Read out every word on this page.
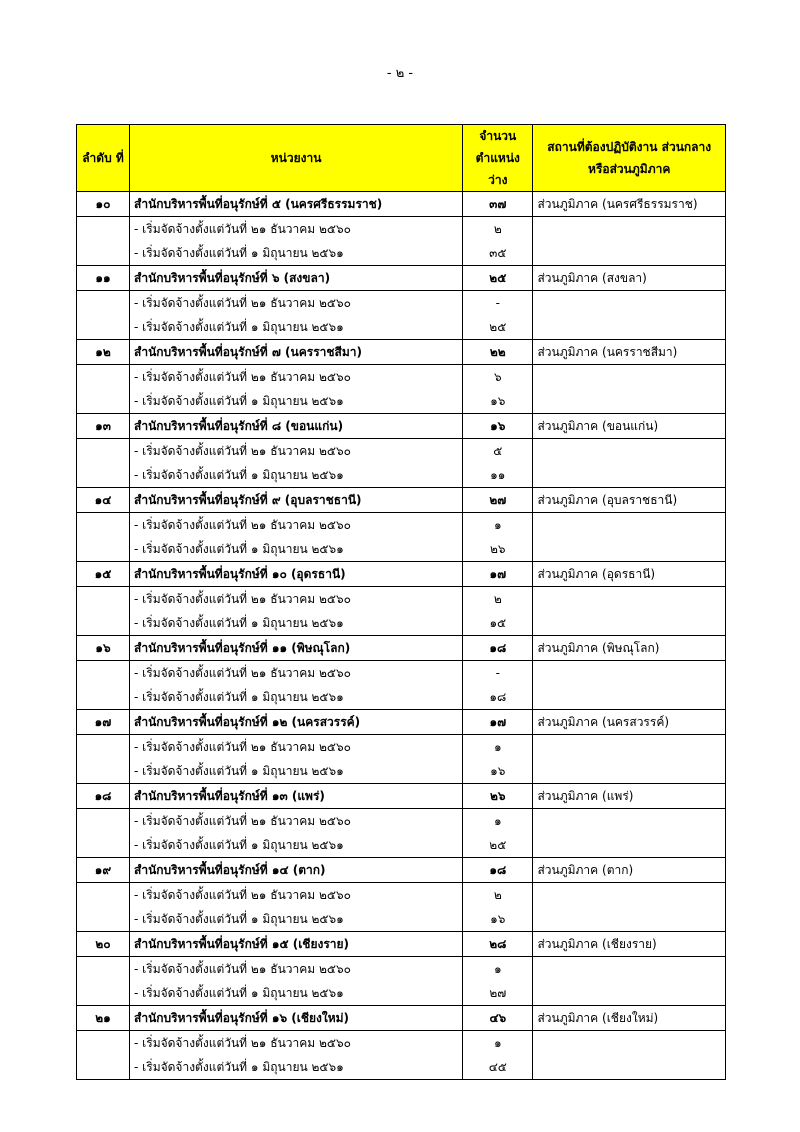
- ๒ -
ลำดับ ที่	หน่วยงาน	จำนวน ตำแหน่งว่าง	สถานที่ต้องปฏิบัติงาน ส่วนกลางหรือส่วนภูมิภาค
๑๐	สำนักบริหารพื้นที่อนุรักษ์ที่ ๕ (นครศรีธรรมราช)	๓๗	ส่วนภูมิภาค (นครศรีธรรมราช)
	- เริ่มจัดจ้างตั้งแต่วันที่ ๒๑ ธันวาคม ๒๕๖๐	๒	
	- เริ่มจัดจ้างตั้งแต่วันที่ ๑ มิถุนายน ๒๕๖๑	๓๕	
๑๑	สำนักบริหารพื้นที่อนุรักษ์ที่ ๖ (สงขลา)	๒๕	ส่วนภูมิภาค (สงขลา)
	- เริ่มจัดจ้างตั้งแต่วันที่ ๒๑ ธันวาคม ๒๕๖๐	-	
	- เริ่มจัดจ้างตั้งแต่วันที่ ๑ มิถุนายน ๒๕๖๑	๒๕	
๑๒	สำนักบริหารพื้นที่อนุรักษ์ที่ ๗ (นครราชสีมา)	๒๒	ส่วนภูมิภาค (นครราชสีมา)
	- เริ่มจัดจ้างตั้งแต่วันที่ ๒๑ ธันวาคม ๒๕๖๐	๖	
	- เริ่มจัดจ้างตั้งแต่วันที่ ๑ มิถุนายน ๒๕๖๑	๑๖	
๑๓	สำนักบริหารพื้นที่อนุรักษ์ที่ ๘ (ขอนแก่น)	๑๖	ส่วนภูมิภาค (ขอนแก่น)
	- เริ่มจัดจ้างตั้งแต่วันที่ ๒๑ ธันวาคม ๒๕๖๐	๕	
	- เริ่มจัดจ้างตั้งแต่วันที่ ๑ มิถุนายน ๒๕๖๑	๑๑	
๑๔	สำนักบริหารพื้นที่อนุรักษ์ที่ ๙ (อุบลราชธานี)	๒๗	ส่วนภูมิภาค (อุบลราชธานี)
	- เริ่มจัดจ้างตั้งแต่วันที่ ๒๑ ธันวาคม ๒๕๖๐	๑	
	- เริ่มจัดจ้างตั้งแต่วันที่ ๑ มิถุนายน ๒๕๖๑	๒๖	
๑๕	สำนักบริหารพื้นที่อนุรักษ์ที่ ๑๐ (อุดรธานี)	๑๗	ส่วนภูมิภาค (อุดรธานี)
	- เริ่มจัดจ้างตั้งแต่วันที่ ๒๑ ธันวาคม ๒๕๖๐	๒	
	- เริ่มจัดจ้างตั้งแต่วันที่ ๑ มิถุนายน ๒๕๖๑	๑๕	
๑๖	สำนักบริหารพื้นที่อนุรักษ์ที่ ๑๑ (พิษณุโลก)	๑๘	ส่วนภูมิภาค (พิษณุโลก)
	- เริ่มจัดจ้างตั้งแต่วันที่ ๒๑ ธันวาคม ๒๕๖๐	-	
	- เริ่มจัดจ้างตั้งแต่วันที่ ๑ มิถุนายน ๒๕๖๑	๑๘	
๑๗	สำนักบริหารพื้นที่อนุรักษ์ที่ ๑๒ (นครสวรรค์)	๑๗	ส่วนภูมิภาค (นครสวรรค์)
	- เริ่มจัดจ้างตั้งแต่วันที่ ๒๑ ธันวาคม ๒๕๖๐	๑	
	- เริ่มจัดจ้างตั้งแต่วันที่ ๑ มิถุนายน ๒๕๖๑	๑๖	
๑๘	สำนักบริหารพื้นที่อนุรักษ์ที่ ๑๓ (แพร่)	๒๖	ส่วนภูมิภาค (แพร่)
	- เริ่มจัดจ้างตั้งแต่วันที่ ๒๑ ธันวาคม ๒๕๖๐	๑	
	- เริ่มจัดจ้างตั้งแต่วันที่ ๑ มิถุนายน ๒๕๖๑	๒๕	
๑๙	สำนักบริหารพื้นที่อนุรักษ์ที่ ๑๔ (ตาก)	๑๘	ส่วนภูมิภาค (ตาก)
	- เริ่มจัดจ้างตั้งแต่วันที่ ๒๑ ธันวาคม ๒๕๖๐	๒	
	- เริ่มจัดจ้างตั้งแต่วันที่ ๑ มิถุนายน ๒๕๖๑	๑๖	
๒๐	สำนักบริหารพื้นที่อนุรักษ์ที่ ๑๕ (เชียงราย)	๒๘	ส่วนภูมิภาค (เชียงราย)
	- เริ่มจัดจ้างตั้งแต่วันที่ ๒๑ ธันวาคม ๒๕๖๐	๑	
	- เริ่มจัดจ้างตั้งแต่วันที่ ๑ มิถุนายน ๒๕๖๑	๒๗	
๒๑	สำนักบริหารพื้นที่อนุรักษ์ที่ ๑๖ (เชียงใหม่)	๔๖	ส่วนภูมิภาค (เชียงใหม่)
	- เริ่มจัดจ้างตั้งแต่วันที่ ๒๑ ธันวาคม ๒๕๖๐	๑	
	- เริ่มจัดจ้างตั้งแต่วันที่ ๑ มิถุนายน ๒๕๖๑	๔๕	
